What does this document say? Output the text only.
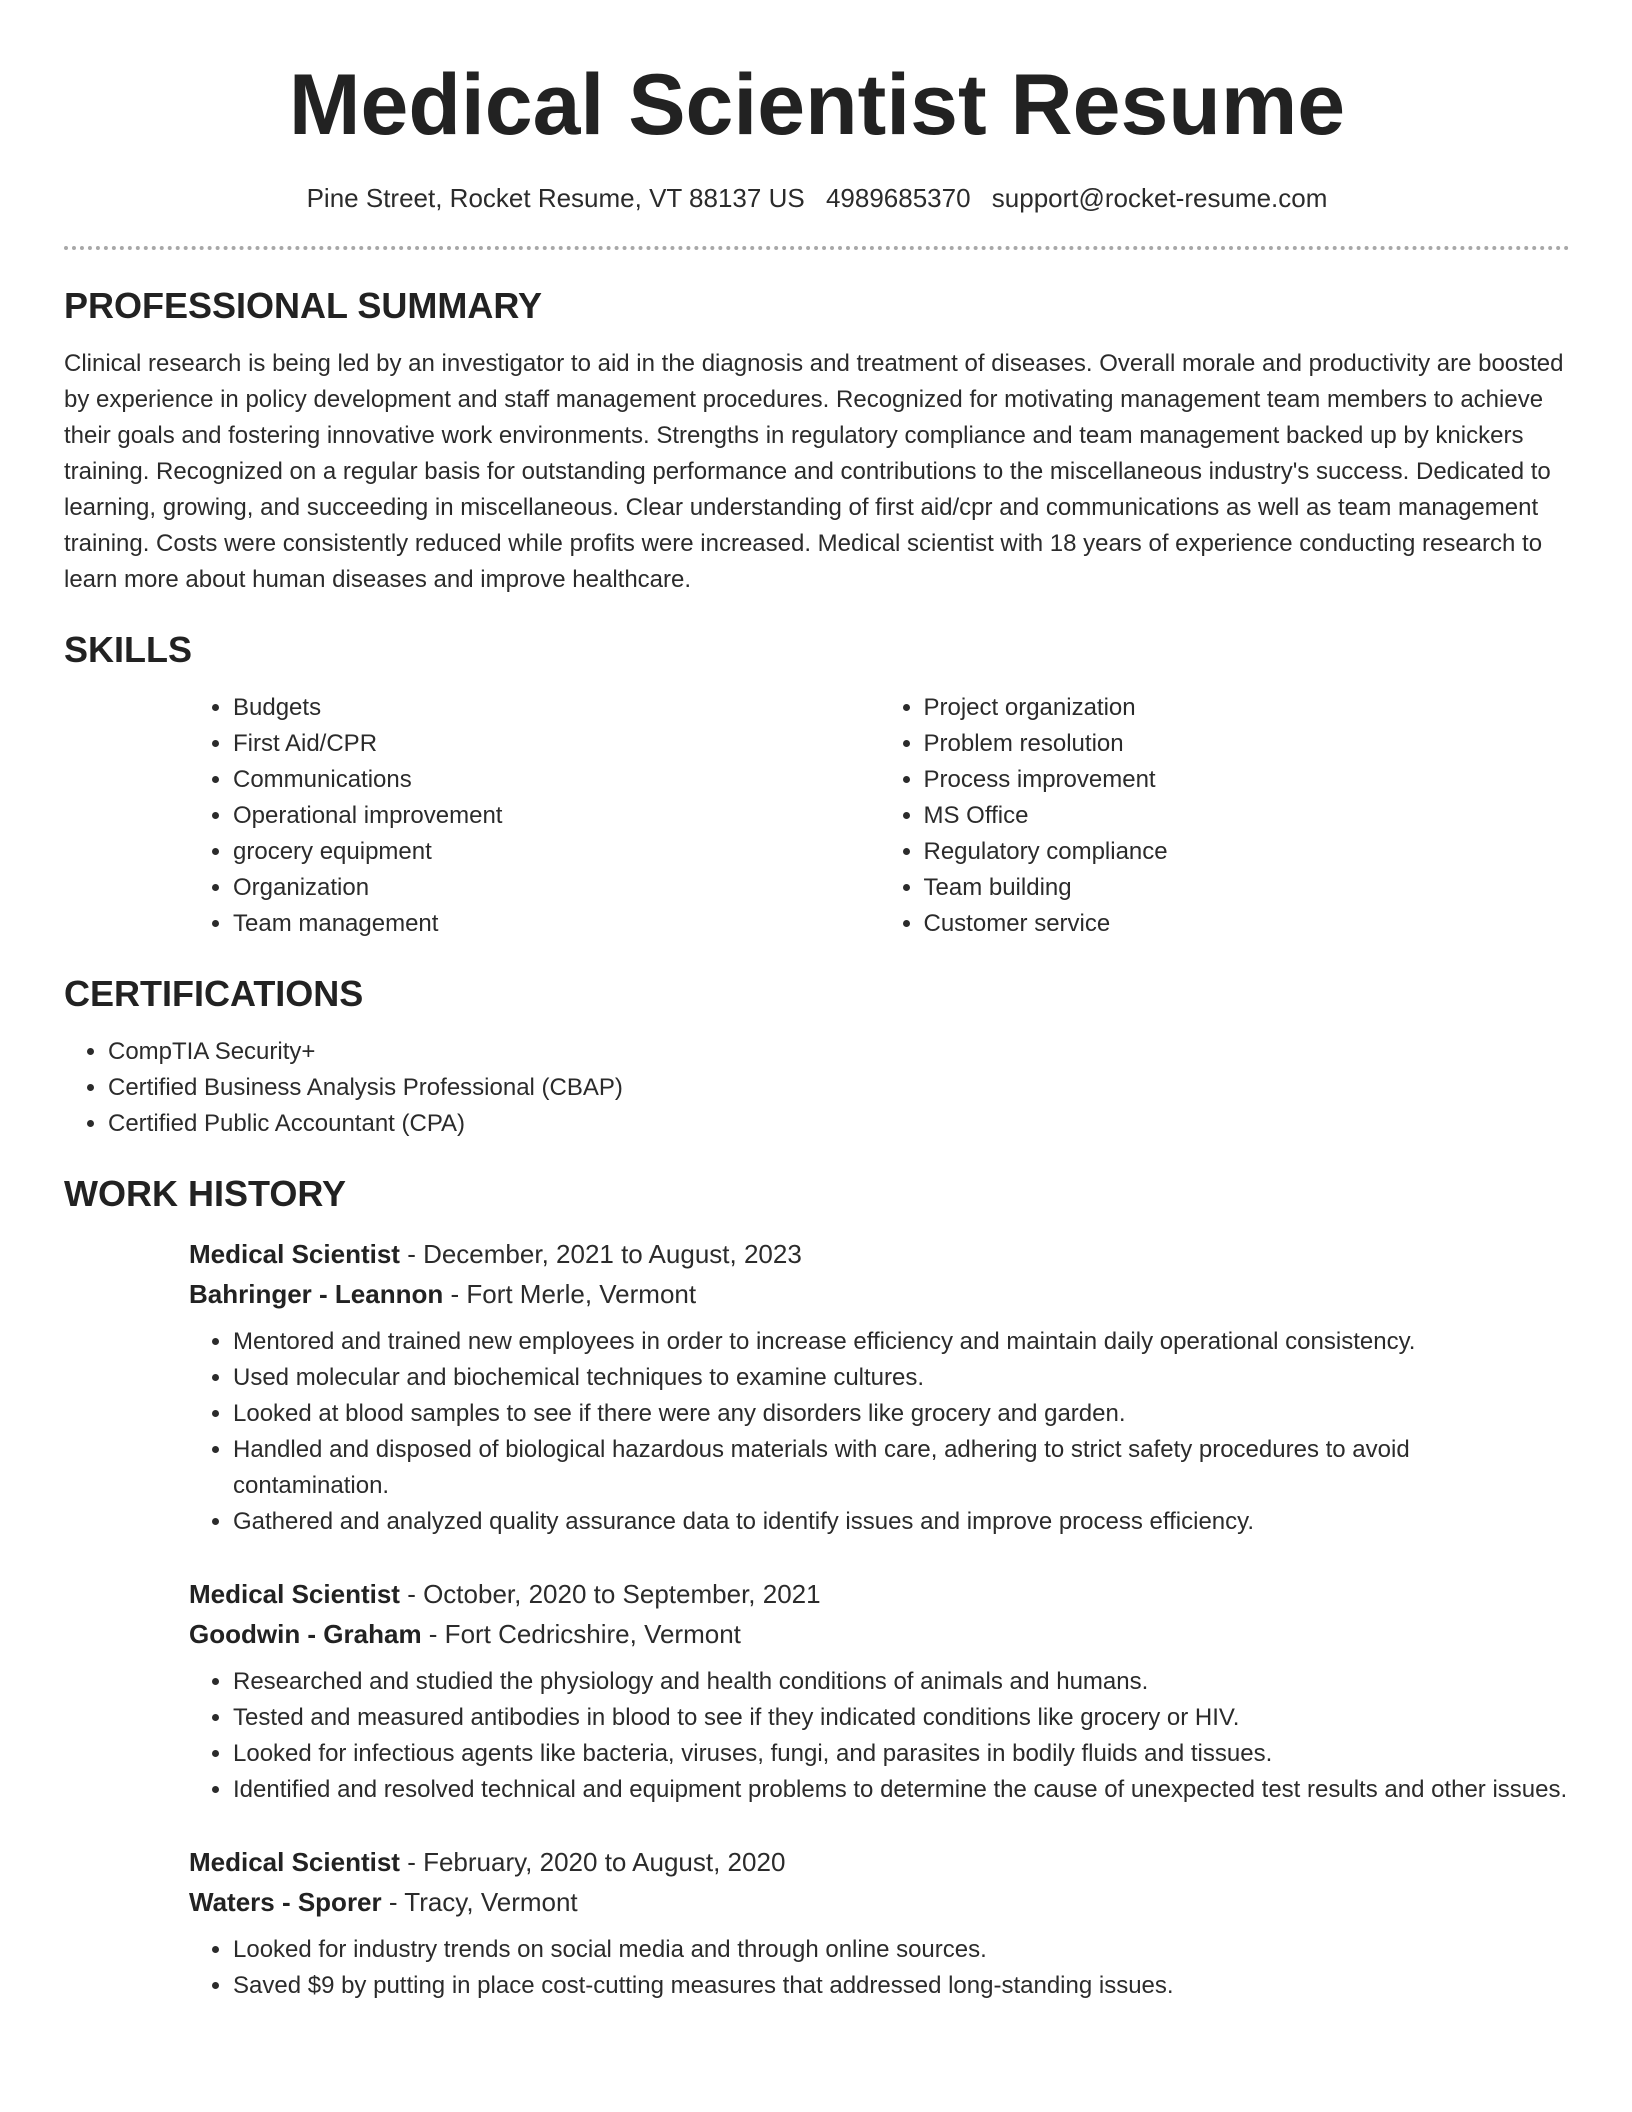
Medical Scientist Resume
Pine Street, Rocket Resume, VT 88137 US 4989685370 support@rocket-resume.com
PROFESSIONAL SUMMARY

Clinical research is being led by an investigator to aid in the diagnosis and treatment of diseases. Overall morale and productivity are boosted by experience in policy development and staff management procedures. Recognized for motivating management team members to achieve their goals and fostering innovative work environments. Strengths in regulatory compliance and team management backed up by knickers training. Recognized on a regular basis for outstanding performance and contributions to the miscellaneous industry's success. Dedicated to learning, growing, and succeeding in miscellaneous. Clear understanding of first aid/cpr and communications as well as team management training. Costs were consistently reduced while profits were increased. Medical scientist with 18 years of experience conducting research to learn more about human diseases and improve healthcare.

SKILLS
• Budgets
• First Aid/CPR
• Communications
• Operational improvement
• grocery equipment
• Organization
• Team management
• Project organization
• Problem resolution
• Process improvement
• MS Office
• Regulatory compliance
• Team building
• Customer service
CERTIFICATIONS
• CompTIA Security+
• Certified Business Analysis Professional (CBAP)
• Certified Public Accountant (CPA)
WORK HISTORY

Medical Scientist - December, 2021 to August, 2023

Bahringer - Leannon - Fort Merle, Vermont

• Mentored and trained new employees in order to increase efficiency and maintain daily operational consistency.
• Used molecular and biochemical techniques to examine cultures.
• Looked at blood samples to see if there were any disorders like grocery and garden.
• Handled and disposed of biological hazardous materials with care, adhering to strict safety procedures to avoid contamination.
• Gathered and analyzed quality assurance data to identify issues and improve process efficiency.

Medical Scientist - October, 2020 to September, 2021

Goodwin - Graham - Fort Cedricshire, Vermont

• Researched and studied the physiology and health conditions of animals and humans.
• Tested and measured antibodies in blood to see if they indicated conditions like grocery or HIV.
• Looked for infectious agents like bacteria, viruses, fungi, and parasites in bodily fluids and tissues.
• Identified and resolved technical and equipment problems to determine the cause of unexpected test results and other issues.

Medical Scientist - February, 2020 to August, 2020

Waters - Sporer - Tracy, Vermont

• Looked for industry trends on social media and through online sources.
• Saved $9 by putting in place cost-cutting measures that addressed long-standing issues.
